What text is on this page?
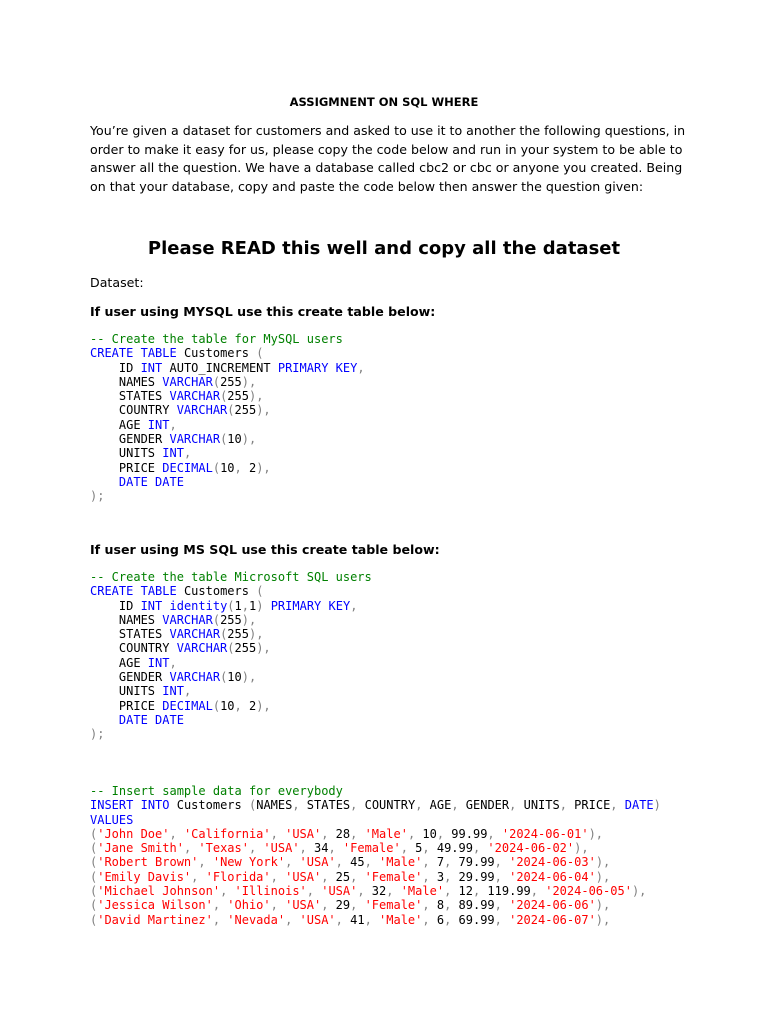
ASSIGMNENT ON SQL WHERE
You’re given a dataset for customers and asked to use it to another the following questions, in order to make it easy for us, please copy the code below and run in your system to be able to answer all the question. We have a database called cbc2 or cbc or anyone you created. Being on that your database, copy and paste the code below then answer the question given:
Please READ this well and copy all the dataset
Dataset:
If user using MYSQL use this create table below:
-- Create the table for MySQL users
CREATE TABLE Customers (
ID INT AUTO_INCREMENT PRIMARY KEY,
NAMES VARCHAR(255),
STATES VARCHAR(255),
COUNTRY VARCHAR(255),
AGE INT,
GENDER VARCHAR(10),
UNITS INT,
PRICE DECIMAL(10, 2),
DATE DATE
);
If user using MS SQL use this create table below:
-- Create the table Microsoft SQL users
CREATE TABLE Customers (
ID INT identity(1,1) PRIMARY KEY,
NAMES VARCHAR(255),
STATES VARCHAR(255),
COUNTRY VARCHAR(255),
AGE INT,
GENDER VARCHAR(10),
UNITS INT,
PRICE DECIMAL(10, 2),
DATE DATE
);
-- Insert sample data for everybody
INSERT INTO Customers (NAMES, STATES, COUNTRY, AGE, GENDER, UNITS, PRICE, DATE)
VALUES
('John Doe', 'California', 'USA', 28, 'Male', 10, 99.99, '2024-06-01'),
('Jane Smith', 'Texas', 'USA', 34, 'Female', 5, 49.99, '2024-06-02'),
('Robert Brown', 'New York', 'USA', 45, 'Male', 7, 79.99, '2024-06-03'),
('Emily Davis', 'Florida', 'USA', 25, 'Female', 3, 29.99, '2024-06-04'),
('Michael Johnson', 'Illinois', 'USA', 32, 'Male', 12, 119.99, '2024-06-05'),
('Jessica Wilson', 'Ohio', 'USA', 29, 'Female', 8, 89.99, '2024-06-06'),
('David Martinez', 'Nevada', 'USA', 41, 'Male', 6, 69.99, '2024-06-07'),
